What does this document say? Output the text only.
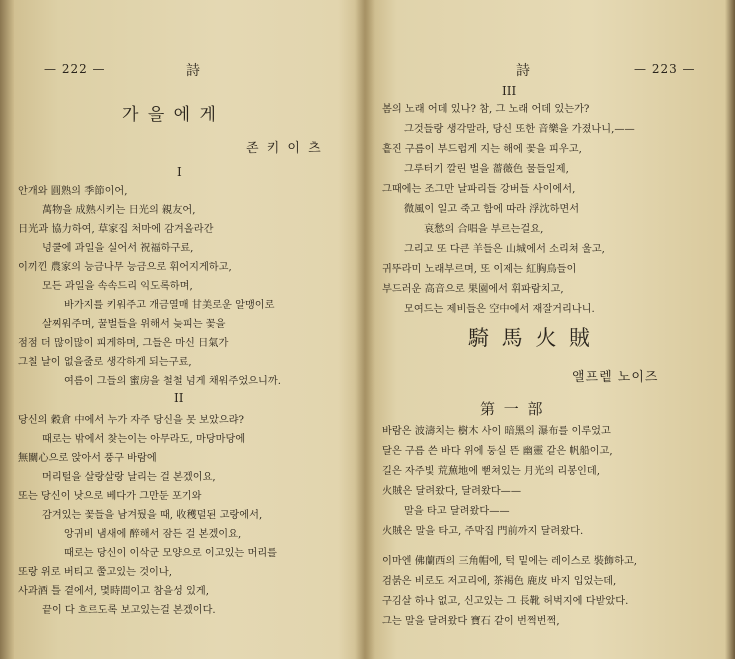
— 222 —	詩
가 을 에 게
존 키 이 츠
I
안개와 圓熟의 季節이어,
萬物을 成熟시키는 日光의 親友어,
日光과 協力하여, 草家집 처마에 감겨올라간
넝쿨에 과일을 실어서 祝福하구료,
이끼낀 農家의 능금나무 능금으로 휘어지게하고,
모든 과일을 속속드리 익도록하며,
바가지를 키워주고 개금열매 甘美로운 알맹이로
살찌워주며, 꿀벌들을 위해서 늦피는 꽃을
점점 더 많이많이 피게하며, 그들은 마신 日氣가
그칠 날이 없을줄로 생각하게 되는구료,
여름이 그들의 蜜房을 철철 넘게 채워주었으니까.
II
당신의 穀倉 中에서 누가 자주 당신을 못 보았으랴?
때로는 밖에서 찾는이는 아무라도, 마당마당에
無關心으로 앉아서 풍구 바람에
머리털을 살랑살랑 날리는 걸 본겠이요,
또는 당신이 낫으로 베다가 그만둔 포기와
감겨있는 꽃들을 남겨뒀을 때, 收穫덜된 고랑에서,
앙귀비 냄새에 醉해서 잠든 걸 본겠이요,
때로는 당신이 이삭군 모양으로 이고있는 머리를
또랑 위로 버티고 쭐고있는 것이나,
사과酒 틀 곁에서, 몇時間이고 참을성 있게,
끝이 다 흐르도록 보고있는걸 본겠이다.
詩	— 223 —
III
봄의 노래 어데 있나? 참, 그 노래 어데 있는가?
그것들랑 생각말라, 당신 또한 音樂을 가졌나니,——
흩진 구름이 부드럽게 지는 해에 꽃을 피우고,
그루터기 깔린 벌을 薔薇色 물들일제,
그때에는 조그만 날파리들 강버들 사이에서,
微風이 일고 죽고 함에 따라 浮沈하면서
哀愁의 合唱을 부르는걸요,
그리고 또 다큰 羊들은 山城에서 소리쳐 울고,
귀뚜라미 노래부르며, 또 이제는 紅胸鳥들이
부드러운 高音으로 果園에서 휘파람치고,
모여드는 제비들은 空中에서 재잘거리나니.
騎 馬 火 賊
앨프렡 노이즈
第 一 部
바람은 波濤치는 樹木 사이 暗黑의 瀑布를 이루었고
달은 구름 쓴 바다 위에 둥실 뜬 幽靈 같은 帆船이고,
길은 자주빛 荒蕪地에 뻗쳐있는 月光의 리봉인데,
火賊은 달려왔다, 달려왔다——
말을 타고 달려왔다——
火賊은 말을 타고, 주막집 門前까지 달려왔다.
이마엔 佛蘭西의 三角帽에, 턱 밑에는 레이스로 裝飾하고,
검붉은 비로도 저고리에, 茶褐色 鹿皮 바지 입었는데,
구김살 하나 없고, 신고있는 그 長靴 허벅지에 다받았다.
그는 말을 달려왔다 寶石 같이 번쩍번쩍,
